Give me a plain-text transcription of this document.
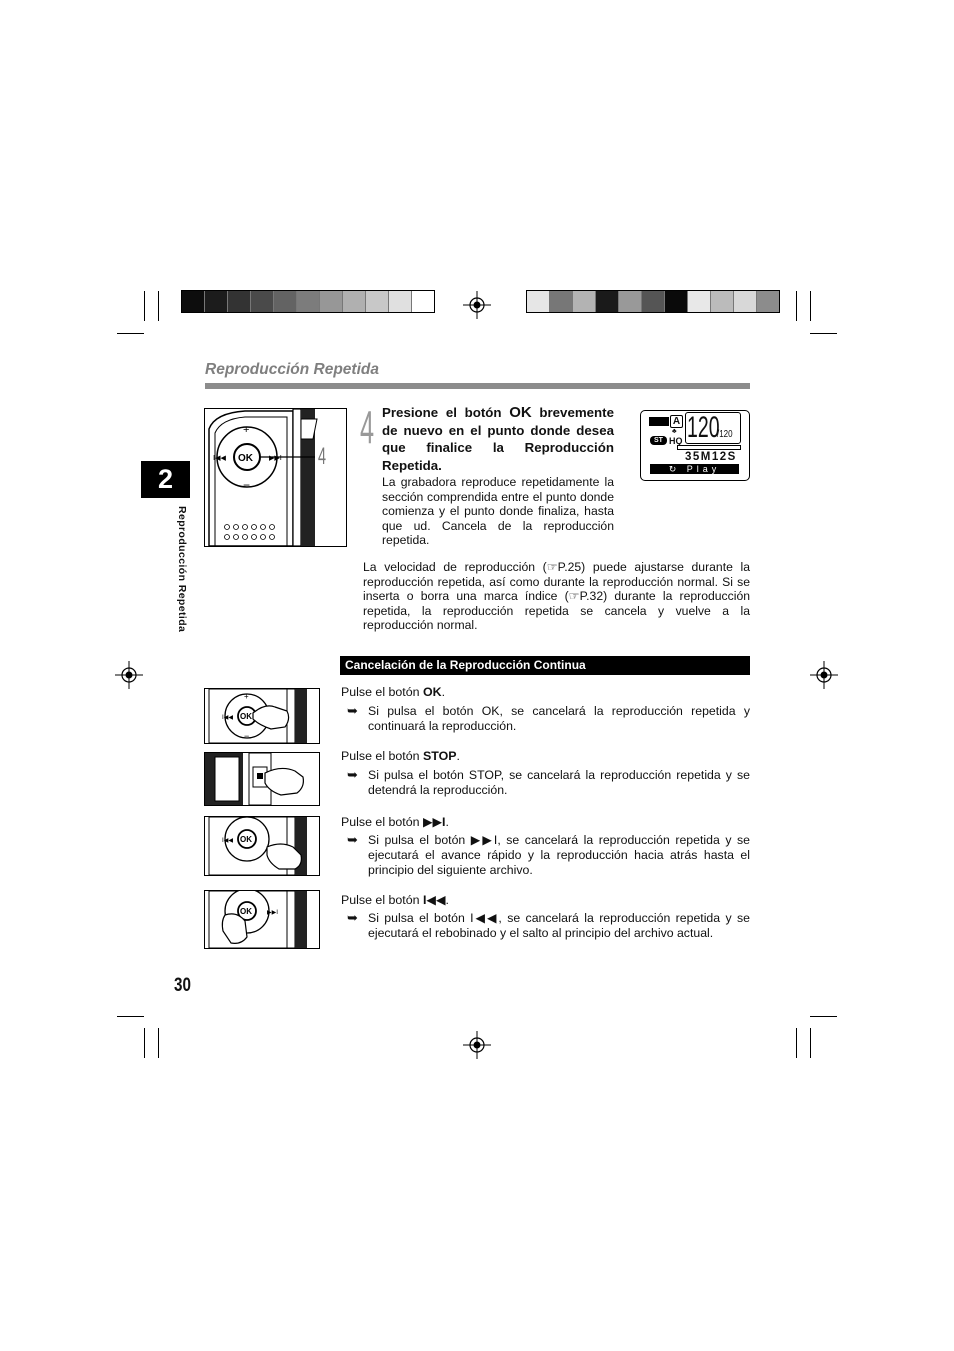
Reproducción Repetida
2
Reproducción Repetida
OK
+
−
I◀◀	▶▶I 4
4 Presione el botón OK brevemente de nuevo en el punto donde desea que finalice la Reproducción Repetida.
La grabadora reproduce repetidamente la sección comprendida entre el punto donde comienza y el punto donde finaliza, hasta que ud. Cancela de la reproducción repetida.
A
♣
ST HQ 120
/120
35M12S
↻ Play
La velocidad de reproducción (☞P.25) puede ajustarse durante la reproducción repetida, así como durante la reproducción normal. Si se inserta o borra una marca índice (☞P.32) durante la reproducción repetida, la reproducción repetida se cancela y vuelve a la reproducción normal.
Cancelación de la Reproducción Continua
OK
+
−
I◀◀
OK
I◀◀
−
OK	▶▶I
Pulse el botón OK.
➥ Si pulsa el botón OK, se cancelará la reproducción repetida y continuará la reproducción.
Pulse el botón STOP.
➥ Si pulsa el botón STOP, se cancelará la reproducción repetida y se detendrá la reproducción.
Pulse el botón ▶▶I.
➥ Si pulsa el botón ▶▶I, se cancelará la reproducción repetida y se ejecutará el avance rápido y la reproducción hacia atrás hasta el principio del siguiente archivo.
Pulse el botón I◀◀.
➥ Si pulsa el botón I◀◀, se cancelará la reproducción repetida y se ejecutará el rebobinado y el salto al principio del archivo actual.
30
